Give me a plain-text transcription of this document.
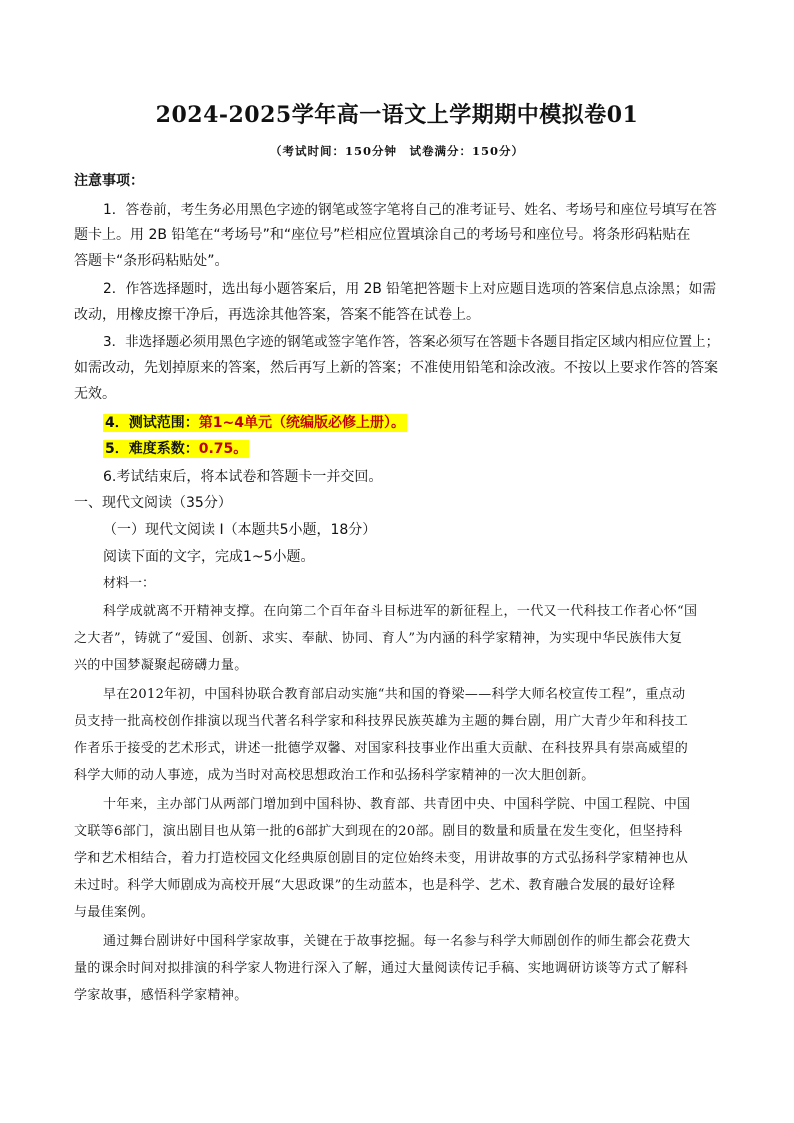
2024-2025学年高一语文上学期期中模拟卷01
（考试时间：150分钟　试卷满分：150分）
注意事项：
1．答卷前，考生务必用黑色字迹的钢笔或签字笔将自己的准考证号、姓名、考场号和座位号填写在答
题卡上。用 2B 铅笔在“考场号”和“座位号”栏相应位置填涂自己的考场号和座位号。将条形码粘贴在
答题卡“条形码粘贴处”。
2．作答选择题时，选出每小题答案后，用 2B 铅笔把答题卡上对应题目选项的答案信息点涂黑；如需
改动，用橡皮擦干净后，再选涂其他答案，答案不能答在试卷上。
3．非选择题必须用黑色字迹的钢笔或签字笔作答，答案必须写在答题卡各题目指定区域内相应位置上；
如需改动，先划掉原来的答案，然后再写上新的答案；不准使用铅笔和涂改液。不按以上要求作答的答案
无效。
4．测试范围：第1~4单元（统编版必修上册）。
5．难度系数：0.75。
6.考试结束后，将本试卷和答题卡一并交回。
一、现代文阅读（35分）
（一）现代文阅读 I（本题共5小题，18分）
阅读下面的文字，完成1~5小题。
材料一：
科学成就离不开精神支撑。在向第二个百年奋斗目标进军的新征程上，一代又一代科技工作者心怀“国
之大者”，铸就了“爱国、创新、求实、奉献、协同、育人”为内涵的科学家精神，为实现中华民族伟大复
兴的中国梦凝聚起磅礴力量。
早在2012年初，中国科协联合教育部启动实施“共和国的脊梁——科学大师名校宣传工程”，重点动
员支持一批高校创作排演以现当代著名科学家和科技界民族英雄为主题的舞台剧，用广大青少年和科技工
作者乐于接受的艺术形式，讲述一批德学双馨、对国家科技事业作出重大贡献、在科技界具有崇高威望的
科学大师的动人事迹，成为当时对高校思想政治工作和弘扬科学家精神的一次大胆创新。
十年来，主办部门从两部门增加到中国科协、教育部、共青团中央、中国科学院、中国工程院、中国
文联等6部门，演出剧目也从第一批的6部扩大到现在的20部。剧目的数量和质量在发生变化，但坚持科
学和艺术相结合，着力打造校园文化经典原创剧目的定位始终未变，用讲故事的方式弘扬科学家精神也从
未过时。科学大师剧成为高校开展“大思政课”的生动蓝本，也是科学、艺术、教育融合发展的最好诠释
与最佳案例。
通过舞台剧讲好中国科学家故事，关键在于故事挖掘。每一名参与科学大师剧创作的师生都会花费大
量的课余时间对拟排演的科学家人物进行深入了解，通过大量阅读传记手稿、实地调研访谈等方式了解科
学家故事，感悟科学家精神。
